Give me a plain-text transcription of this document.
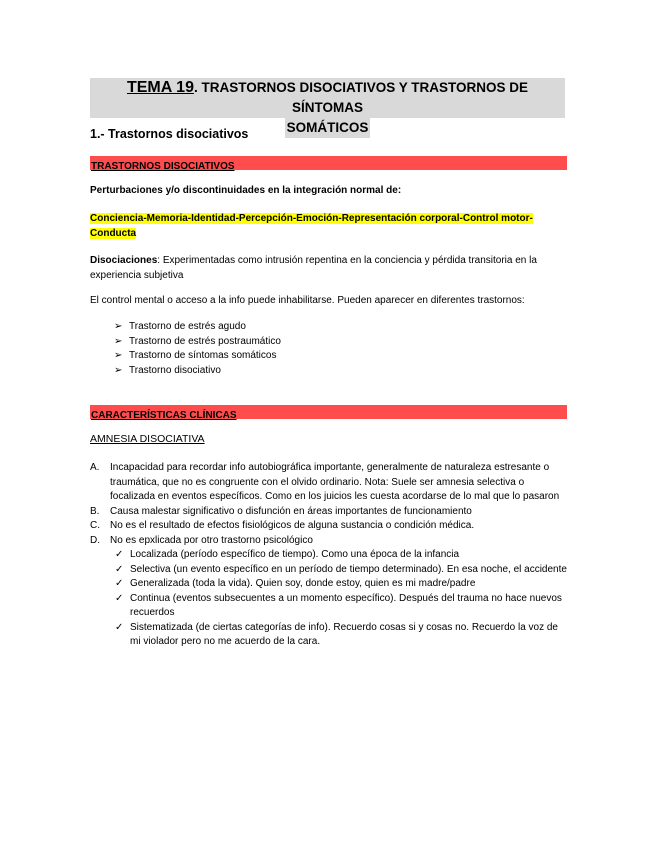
TEMA 19. TRASTORNOS DISOCIATIVOS Y TRASTORNOS DE SÍNTOMAS
SOMÁTICOS
1.- Trastornos disociativos
TRASTORNOS DISOCIATIVOS
Perturbaciones y/o discontinuidades en la integración normal de:
Conciencia-Memoria-Identidad-Percepción-Emoción-Representación corporal-Control motor-
Conducta
Disociaciones: Experimentadas como intrusión repentina en la conciencia y pérdida transitoria en la experiencia subjetiva
El control mental o acceso a la info puede inhabilitarse. Pueden aparecer en diferentes trastornos:
➢ Trastorno de estrés agudo
➢ Trastorno de estrés postraumático
➢ Trastorno de síntomas somáticos
➢ Trastorno disociativo
CARACTERÍSTICAS CLÍNICAS
AMNESIA DISOCIATIVA
A. Incapacidad para recordar info autobiográfica importante, generalmente de naturaleza estresante o traumática, que no es congruente con el olvido ordinario. Nota: Suele ser amnesia selectiva o focalizada en eventos específicos. Como en los juicios les cuesta acordarse de lo mal que lo pasaron
B. Causa malestar significativo o disfunción en áreas importantes de funcionamiento
C. No es el resultado de efectos fisiológicos de alguna sustancia o condición médica.
D. No es epxlicada por otro trastorno psicológico
✓ Localizada (período específico de tiempo). Como una época de la infancia
✓ Selectiva (un evento específico en un período de tiempo determinado). En esa noche, el accidente
✓ Generalizada (toda la vida). Quien soy, donde estoy, quien es mi madre/padre
✓ Continua (eventos subsecuentes a un momento específico). Después del trauma no hace nuevos recuerdos
✓ Sistematizada (de ciertas categorías de info). Recuerdo cosas si y cosas no. Recuerdo la voz de mi violador pero no me acuerdo de la cara.
